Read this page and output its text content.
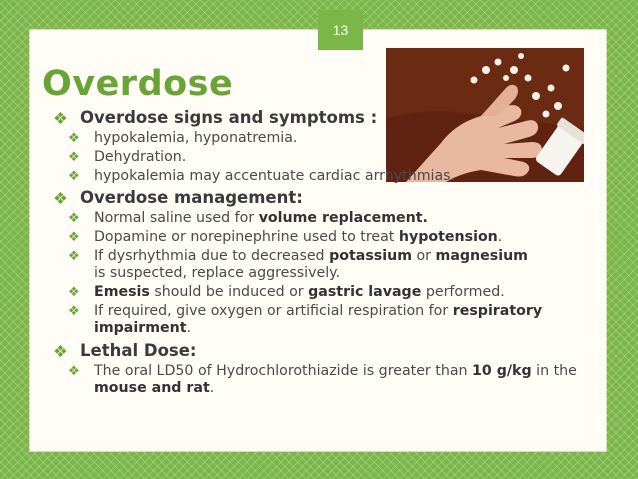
13
Overdose
❖ Overdose signs and symptoms :
❖ hypokalemia, hyponatremia.
❖ Dehydration.
❖ hypokalemia may accentuate cardiac arrhythmias.
❖ Overdose management:
❖ Normal saline used for volume replacement.
❖ Dopamine or norepinephrine used to treat hypotension.
❖ If dysrhythmia due to decreased potassium or magnesium is suspected, replace aggressively.
❖ Emesis should be induced or gastric lavage performed.
❖ If required, give oxygen or artificial respiration for respiratory impairment.
❖ Lethal Dose:
❖ The oral LD50 of Hydrochlorothiazide is greater than 10 g/kg in the mouse and rat.
